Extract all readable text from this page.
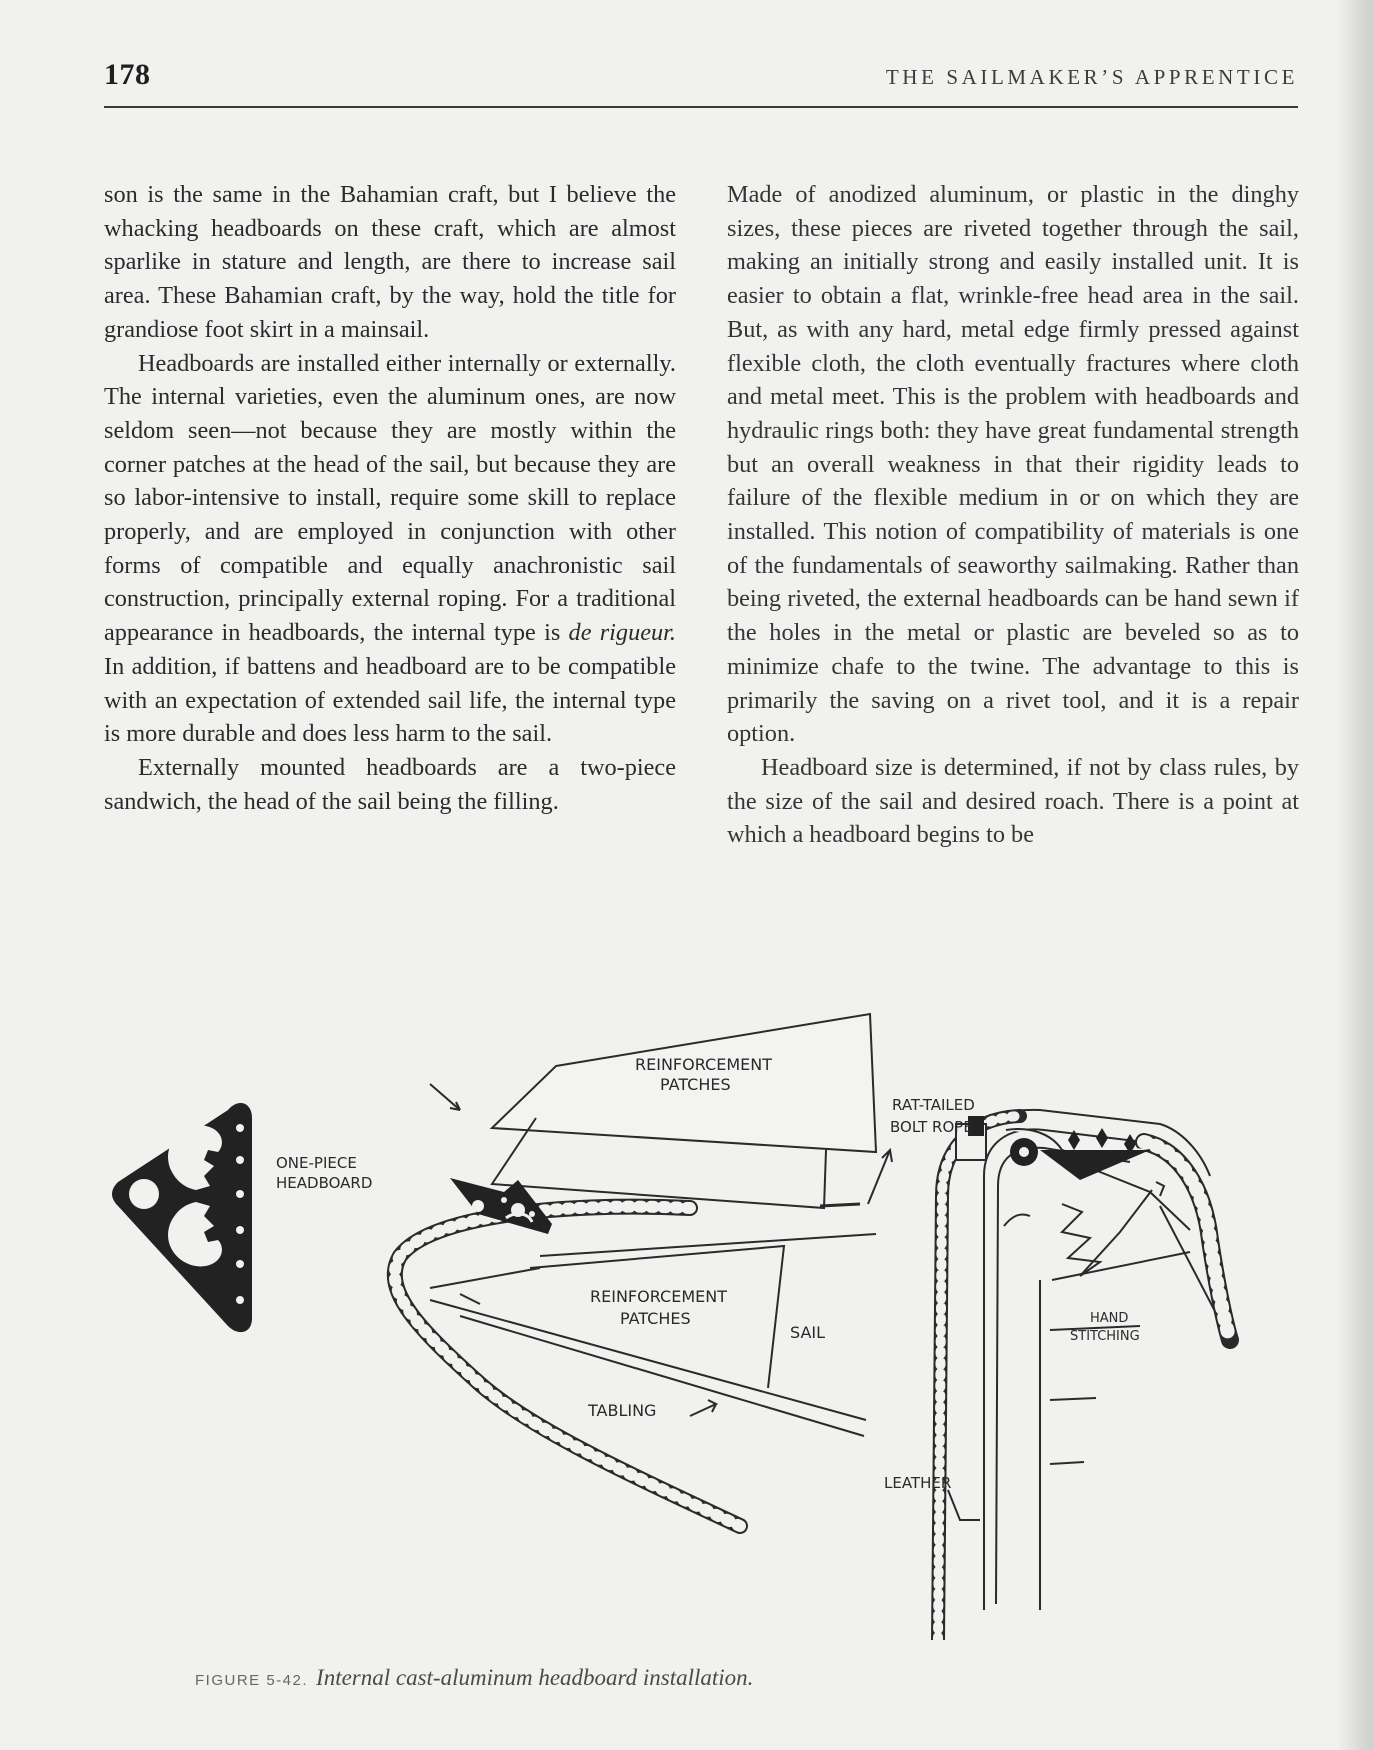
178	THE SAILMAKER’S APPRENTICE

son is the same in the Bahamian craft, but I believe the whacking headboards on these craft, which are almost sparlike in stature and length, are there to increase sail area. These Bahamian craft, by the way, hold the title for grandiose foot skirt in a mainsail.

Headboards are installed either internally or externally. The internal varieties, even the aluminum ones, are now seldom seen—not because they are mostly within the corner patches at the head of the sail, but because they are so labor-intensive to install, require some skill to replace properly, and are employed in conjunction with other forms of compatible and equally anachronistic sail construction, principally external roping. For a traditional appearance in headboards, the internal type is de rigueur. In addition, if battens and headboard are to be compatible with an expectation of extended sail life, the internal type is more durable and does less harm to the sail.

Externally mounted headboards are a two-piece sandwich, the head of the sail being the filling.

Made of anodized aluminum, or plastic in the dinghy sizes, these pieces are riveted together through the sail, making an initially strong and easily installed unit. It is easier to obtain a flat, wrinkle-free head area in the sail. But, as with any hard, metal edge firmly pressed against flexible cloth, the cloth eventually fractures where cloth and metal meet. This is the problem with headboards and hydraulic rings both: they have great fundamental strength but an overall weakness in that their rigidity leads to failure of the flexible medium in or on which they are installed. This notion of compatibility of materials is one of the fundamentals of seaworthy sailmaking. Rather than being riveted, the external headboards can be hand sewn if the holes in the metal or plastic are beveled so as to minimize chafe to the twine. The advantage to this is primarily the saving on a rivet tool, and it is a repair option.

Headboard size is determined, if not by class rules, by the size of the sail and desired roach. There is a point at which a headboard begins to be

REINFORCEMENT
PATCHES
RAT-TAILED
BOLT ROPE
ONE-PIECE
HEADBOARD
REINFORCEMENT
PATCHES
SAIL
TABLING
HAND
STITCHING
LEATHER
FIGURE 5-42. Internal cast-aluminum headboard installation.
